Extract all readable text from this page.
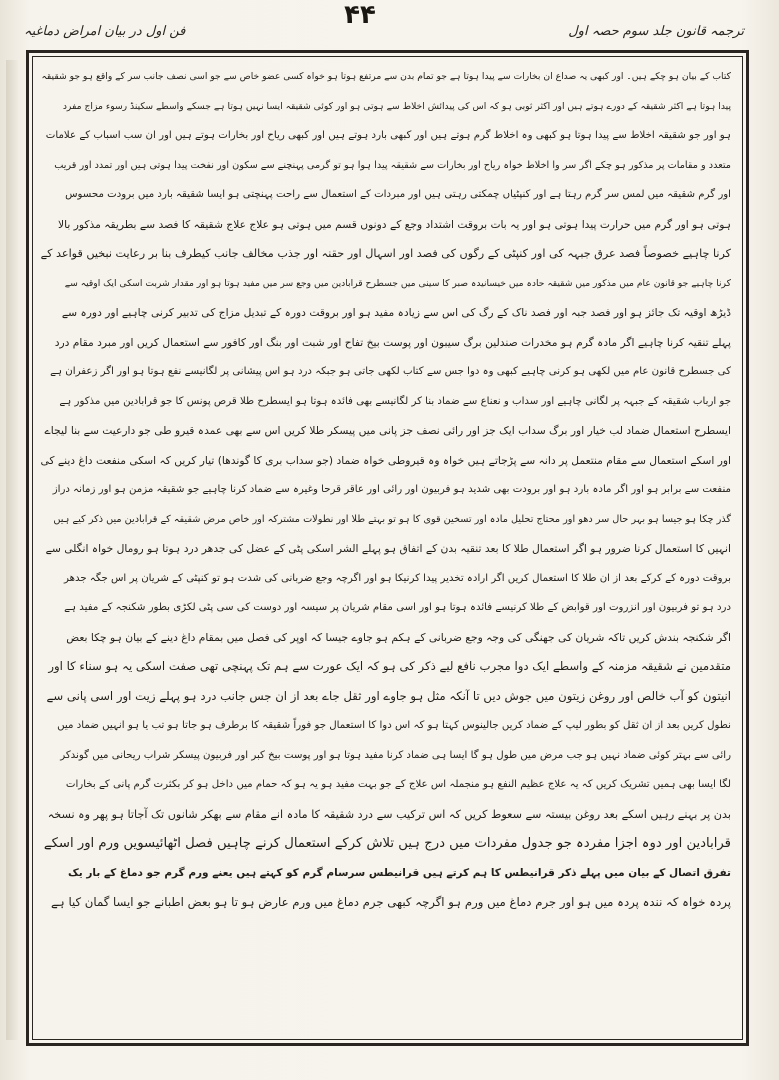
ترجمہ قانون جلد سوم حصہ اول
فن اول در بیان امراض دماغیہ
۴۴
کتاب کے بیان ہو چکے ہیں۔ اور کبھی یہ صداع ان بخارات سے پیدا ہوتا ہے جو تمام بدن سے مرتفع ہوتا ہو خواہ کسی عضو خاص سے جو اسی نصف جانب سر کے واقع ہو جو شقیقہ
پیدا ہوتا ہے اکثر شقیقہ کے دورے ہوتے ہیں اور اکثر ثوبی ہو کہ اس کی پیدائش اخلاط سے ہوتی ہو اور کوئی شقیقہ ایسا نہیں ہوتا ہے جسکے واسطے سکینڈ رسوء مزاج مفرد
ہو اور جو شقیقہ اخلاط سے پیدا ہوتا ہو کبھی وہ اخلاط گرم ہوتے ہیں اور کبھی بارد ہوتے ہیں اور کبھی ریاح اور بخارات ہوتے ہیں اور ان سب اسباب کے علامات
متعدد و مقامات پر مذکور ہو چکے اگر سر وا اخلاط خواہ ریاح اور بخارات سے شقیقہ پیدا ہوا ہو تو گرمی پہنچنے سے سکون اور نفخت پیدا ہوتی ہیں اور تمدد اور قریب
اور گرم شقیقہ میں لمس سر گرم رہتا ہے اور کنپٹیاں چمکتی رہتی ہیں اور مبردات کے استعمال سے راحت پہنچتی ہو ایسا شقیقہ بارد میں برودت محسوس
ہوتی ہو اور گرم میں حرارت پیدا ہوتی ہو اور یہ بات بروقت اشتداد وجع کے دونوں قسم میں ہوتی ہو علاج علاج شقیقہ کا فصد سے بطریقہ مذکور بالا
کرنا چاہیے خصوصاً فصد عرق جبہہ کی اور کنپٹی کے رگوں کی فصد اور اسہال اور حقنہ اور جذب مخالف جانب کیطرف بنا بر رعایت نبخیں قواعد کے
کرنا چاہیے جو قانون عام میں مذکور میں شقیقہ حادہ میں خیسانیدہ صبر کا سینی میں جسطرح قرابادین میں وجع سر میں مفید ہوتا ہو اور مقدار شربت اسکی ایک اوقیہ سے
ڈیڑھ اوقیہ تک جائز ہو اور فصد جبہ اور فصد ناک کے رگ کی اس سے زیادہ مفید ہو اور بروقت دورہ کے تبدیل مزاج کی تدبیر کرنی چاہیے اور دورہ سے
پہلے تنقیہ کرنا چاہیے اگر مادہ گرم ہو مخدرات صندلین برگ سیبون اور پوست بیخ تفاح اور شبت اور بنگ اور کافور سے استعمال کریں اور مبرد مقام درد
کی جسطرح قانون عام میں لکھی ہو کرنی چاہیے کبھی وہ دوا جس سے کتاب لکھی جاتی ہو جبکہ درد ہو اس پیشانی پر لگانیسے نفع ہوتا ہو اور اگر زعفران ہے
جو ارباب شقیقہ کے جبہہ پر لگانی چاہیے اور سداب و نعناع سے ضماد بنا کر لگانیسے بھی فائدہ ہوتا ہو ایسطرح طلا قرص پونس کا جو قرابادین میں مذکور ہے
ایسطرح استعمال ضماد لب خیار اور برگ سداب ایک جز اور رائی نصف جز پانی میں پیسکر طلا کریں اس سے بھی عمدہ قیرو طی جو دارعیت سے بنا لیجاے
اور اسکے استعمال سے مقام منتعمل پر دانہ سے پڑجاتے ہیں خواہ وہ قیروطی خواہ ضماد (جو سداب بری کا گوندھا) تیار کریں کہ اسکی منفعت داغ دینے کی
منفعت سے برابر ہو اور اگر مادہ بارد ہو اور برودت بھی شدید ہو فربیون اور رائی اور عاقر قرحا وغیرہ سے ضماد کرنا چاہیے جو شقیقہ مزمن ہو اور زمانہ دراز
گذر چکا ہو جیسا ہو بہر حال سر دھو اور محتاج تحلیل مادہ اور تسخین قوی کا ہو تو بہتے طلا اور نطولات مشترکہ اور خاص مرض شقیقہ کے قرابادین میں ذکر کیے ہیں
انہیں کا استعمال کرنا ضرور ہو اگر استعمال طلا کا بعد تنقیہ بدن کے اتفاق ہو پہلے الشر اسکی پٹی کے عضل کی جدھر درد ہوتا ہو رومال خواہ انگلی سے
بروقت دورہ کے کرکے بعد از ان طلا کا استعمال کریں اگر ارادہ تخدیر پیدا کرنیکا ہو اور اگرچہ وجع ضربانی کی شدت ہو تو کنپٹی کے شریان پر اس جگہ جدھر
درد ہو تو فربیون اور انزروت اور قوابض کے طلا کرنیسے فائدہ ہوتا ہو اور اسی مقام شریان پر سیسہ اور دوست کی سی پٹی لکڑی بطور شکنجہ کے مفید ہے
اگر شکنجہ بندش کریں تاکہ شریان کی جھنگی کی وجہ وجع ضربانی کے ہکم ہو جاوے جیسا کہ اوپر کی فصل میں بمقام داغ دینے کے بیان ہو چکا بعض
متقدمین نے شقیقہ مزمنہ کے واسطے ایک دوا مجرب نافع لیے ذکر کی ہو کہ ایک عورت سے ہم تک پہنچی تھی صفت اسکی یہ ہو سناء کا اور
انیتون کو آب خالص اور روغن زیتون میں جوش دیں تا آنکہ مثل ہو جاوے اور ثقل جاے بعد از ان جس جانب درد ہو پہلے زیت اور اسی پانی سے
نطول کریں بعد از ان ثقل کو بطور لیپ کے ضماد کریں جالینوس کہتا ہو کہ اس دوا کا استعمال جو فوراً شقیقہ کا برطرف ہو جاتا ہو تب یا ہو انہیں ضماد میں
رائی سے بہتر کوئی ضماد نہیں ہو جب مرض میں طول ہو گا ایسا ہی ضماد کرنا مفید ہوتا ہو اور پوست بیخ کبر اور فربیون پیسکر شراب ریحانی میں گوندکر
لگا ایسا بھی ہمیں تشریک کریں کہ یہ علاج عظیم النفع ہو منجملہ اس علاج کے جو بہت مفید ہو یہ ہو کہ حمام میں داخل ہو کر بکثرت گرم پانی کے بخارات
بدن پر بہنے رہیں اسکے بعد روغن بیستہ سے سعوط کریں کہ اس ترکیب سے درد شقیقہ کا مادہ انے مقام سے بھکر شانوں تک آجاتا ہو پھر وہ نسخہ
قرابادین اور دوہ اجزا مفردہ جو جدول مفردات میں درج ہیں تلاش کرکے استعمال کرنے چاہیں فصل اٹھائیسویں ورم اور اسکے
تفرق اتصال کے بیان میں پہلے ذکر قرانیطس کا ہم کرتے ہیں قرانیطس سرسام گرم کو کہتے ہیں یعنے ورم گرم جو دماغ کے بار یک
پردہ خواہ کہ نندہ پردہ میں ہو اور جرم دماغ میں ورم ہو اگرچہ کبھی جرم دماغ میں ورم عارض ہو تا ہو بعض اطبانے جو ایسا گمان کیا ہے
